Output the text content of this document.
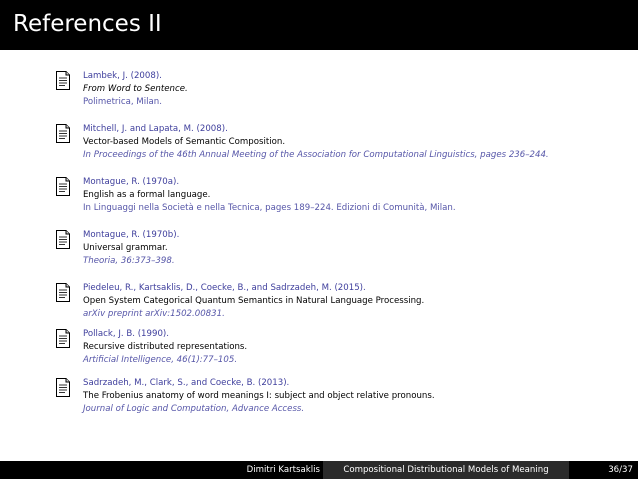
References II
Lambek, J. (2008).
From Word to Sentence.
Polimetrica, Milan.
Mitchell, J. and Lapata, M. (2008).
Vector-based Models of Semantic Composition.
In Proceedings of the 46th Annual Meeting of the Association for Computational Linguistics, pages 236–244.
Montague, R. (1970a).
English as a formal language.
In Linguaggi nella Società e nella Tecnica, pages 189–224. Edizioni di Comunità, Milan.
Montague, R. (1970b).
Universal grammar.
Theoria, 36:373–398.
Piedeleu, R., Kartsaklis, D., Coecke, B., and Sadrzadeh, M. (2015).
Open System Categorical Quantum Semantics in Natural Language Processing.
arXiv preprint arXiv:1502.00831.
Pollack, J. B. (1990).
Recursive distributed representations.
Artificial Intelligence, 46(1):77–105.
Sadrzadeh, M., Clark, S., and Coecke, B. (2013).
The Frobenius anatomy of word meanings I: subject and object relative pronouns.
Journal of Logic and Computation, Advance Access.
Dimitri Kartsaklis	Compositional Distributional Models of Meaning	36/37
